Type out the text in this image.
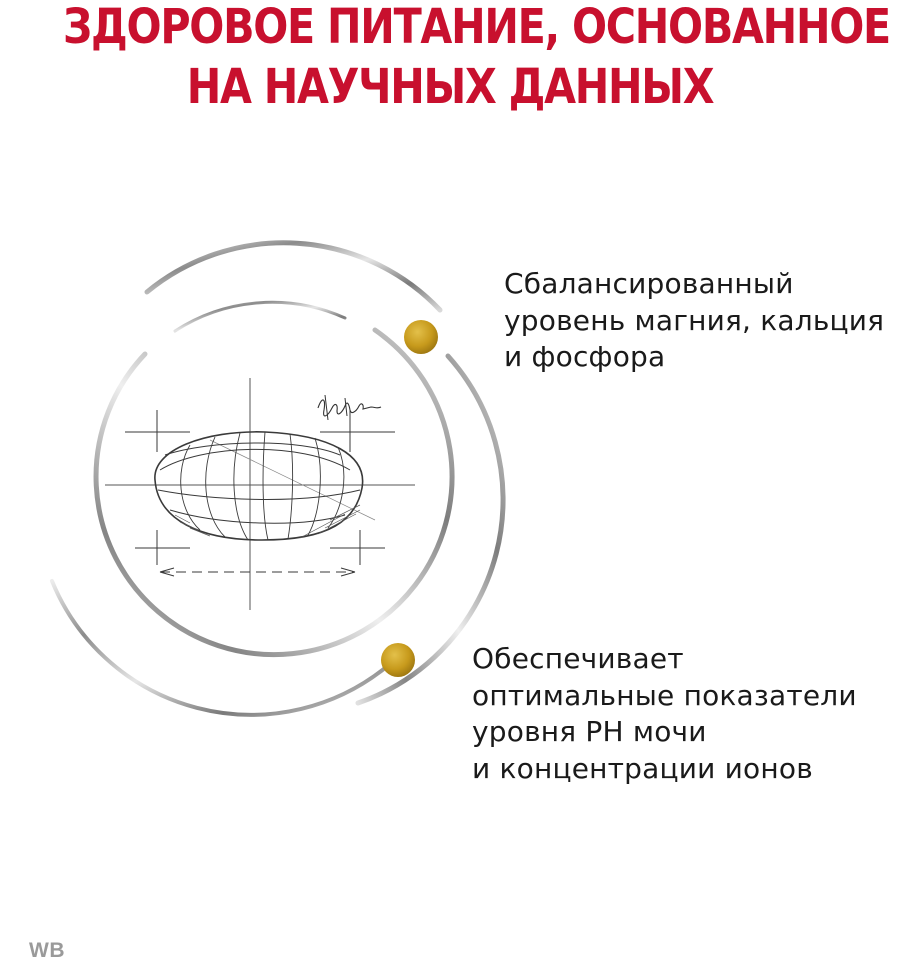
ЗДОРОВОЕ ПИТАНИЕ, ОСНОВАННОЕ
НА НАУЧНЫХ ДАННЫХ
Сбалансированный
уровень магния, кальция
и фосфора
Обеспечивает
оптимальные показатели
уровня PH мочи
и концентрации ионов
WB
